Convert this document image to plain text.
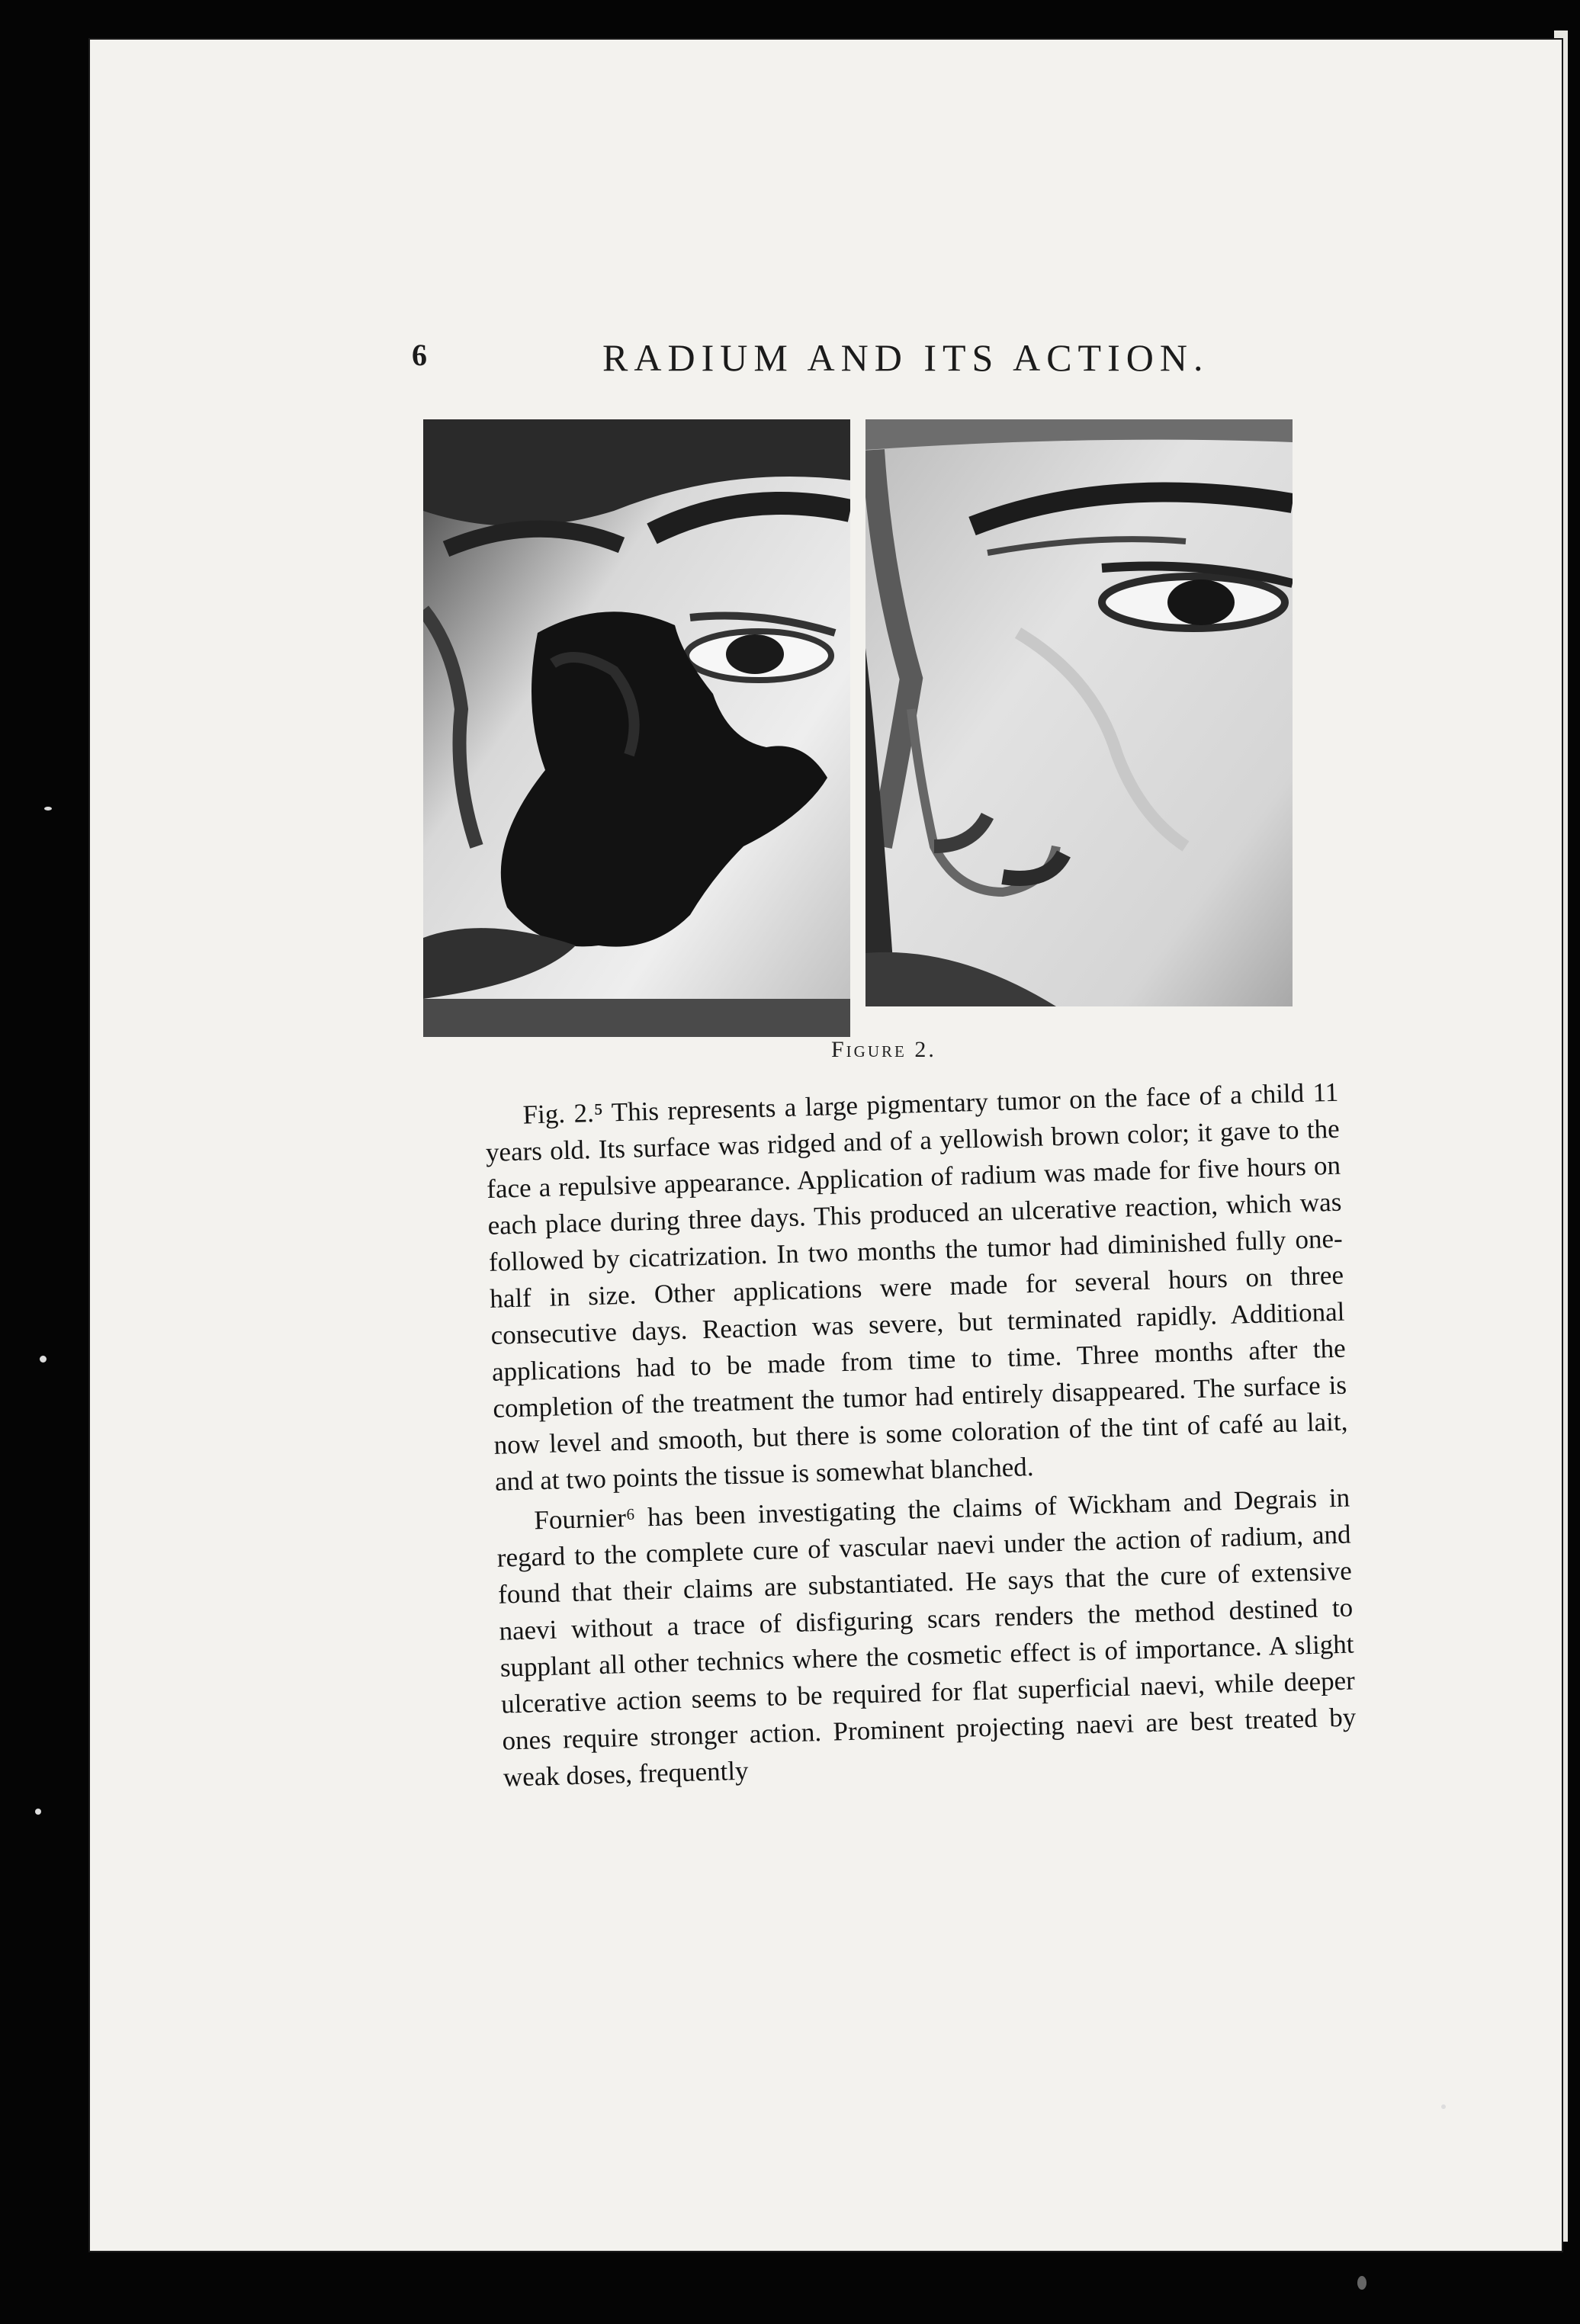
6	RADIUM AND ITS ACTION.
Figure 2.

Fig. 2.⁵ This represents a large pigmentary tumor on the face of a child 11 years old. Its surface was ridged and of a yellowish brown color; it gave to the face a repulsive appearance. Application of radium was made for five hours on each place during three days. This produced an ulcerative reaction, which was followed by cicatrization. In two months the tumor had diminished fully one-half in size. Other applications were made for several hours on three consecutive days. Reaction was severe, but terminated rapidly. Additional applications had to be made from time to time. Three months after the completion of the treatment the tumor had entirely disappeared. The surface is now level and smooth, but there is some coloration of the tint of café au lait, and at two points the tissue is somewhat blanched.

Fournier⁶ has been investigating the claims of Wickham and Degrais in regard to the complete cure of vascular naevi under the action of radium, and found that their claims are substantiated. He says that the cure of extensive naevi without a trace of disfiguring scars renders the method destined to supplant all other technics where the cosmetic effect is of importance. A slight ulcerative action seems to be required for flat superficial naevi, while deeper ones require stronger action. Prominent projecting naevi are best treated by weak doses, frequently
